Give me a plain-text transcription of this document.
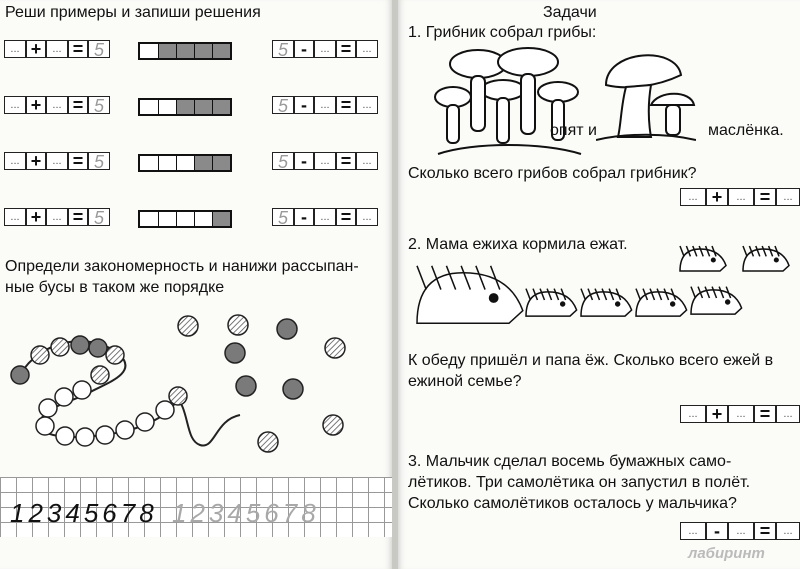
Реши примеры и запиши решения
... +	... = 5	5 -	... =	...
... +	... = 5	5 -	... =	...
... +	... = 5	5 -	... =	...
... +	... = 5	5 -	... =	...
Определи закономерность и нанижи рассыпан-
ные бусы в таком же порядке
12345678 12345678
Задачи
1. Грибник собрал грибы:
опят и	маслёнка.
Сколько всего грибов собрал грибник?
... +	... =	...
2. Мама ежиха кормила ежат.
К обеду пришёл и папа ёж. Сколько всего ежей в
ежиной семье?
... +	... =	...
3. Мальчик сделал восемь бумажных само-
лётиков. Три самолётика он запустил в полёт.
Сколько самолётиков осталось у мальчика?
... -	... =	...
лабиринт
